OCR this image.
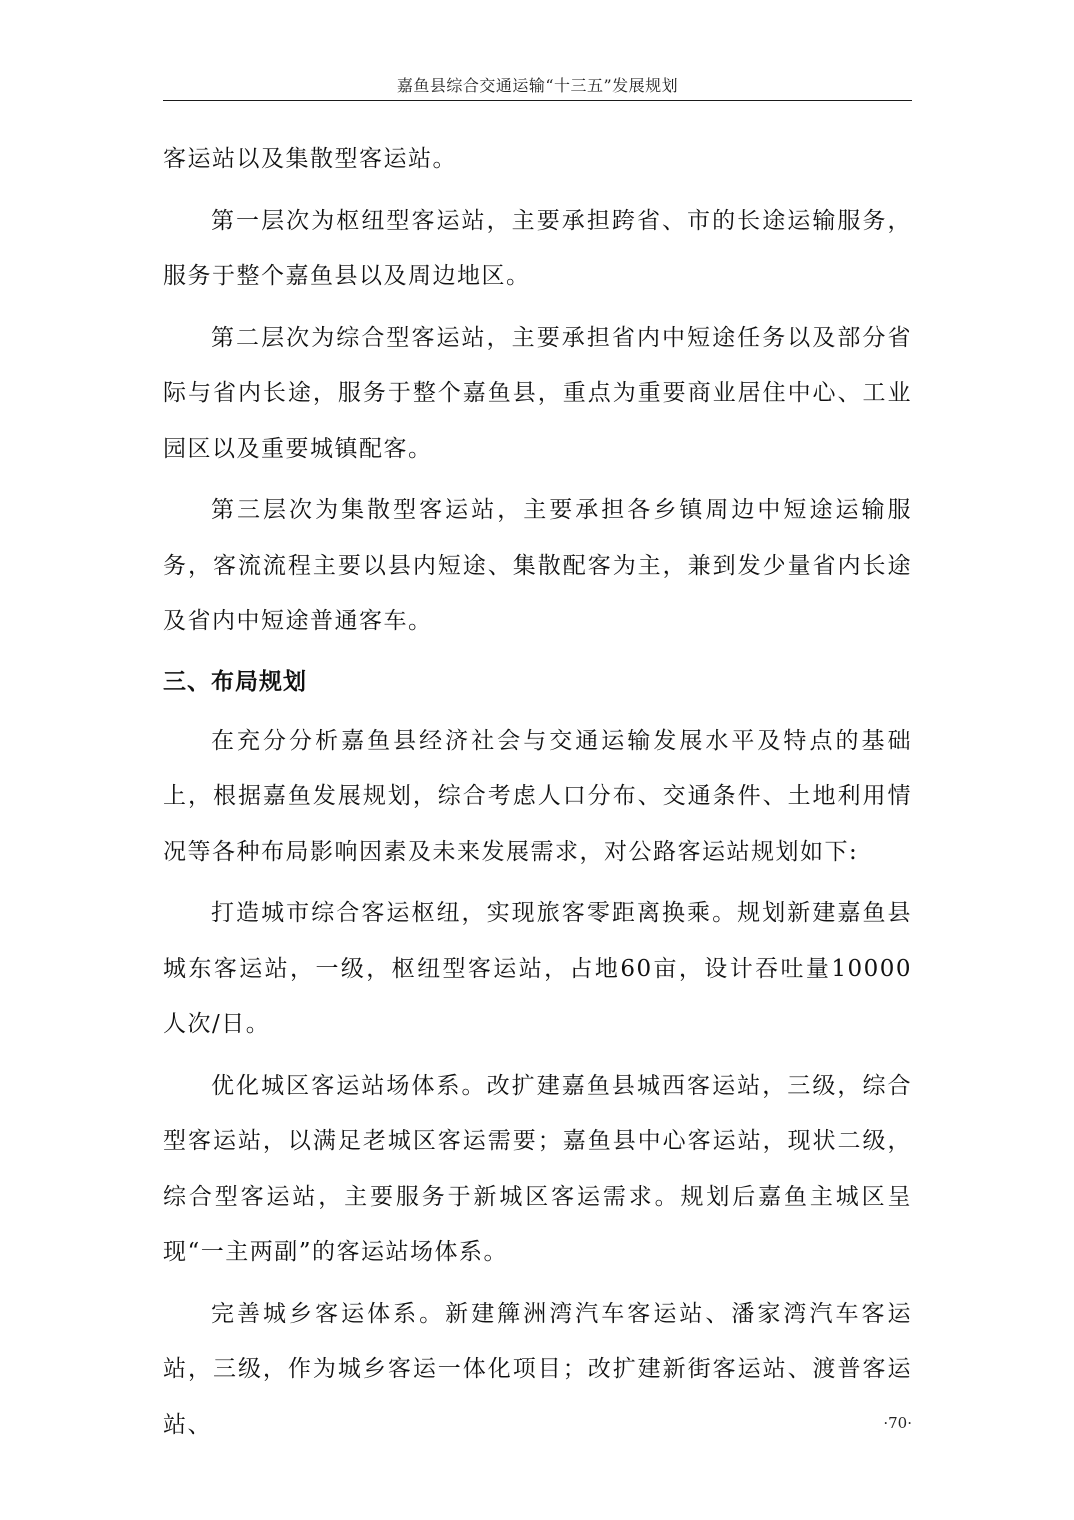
嘉鱼县综合交通运输“十三五”发展规划

客运站以及集散型客运站。

第一层次为枢纽型客运站，主要承担跨省、市的长途运输服务，服务于整个嘉鱼县以及周边地区。

第二层次为综合型客运站，主要承担省内中短途任务以及部分省际与省内长途，服务于整个嘉鱼县，重点为重要商业居住中心、工业园区以及重要城镇配客。

第三层次为集散型客运站，主要承担各乡镇周边中短途运输服务，客流流程主要以县内短途、集散配客为主，兼到发少量省内长途及省内中短途普通客车。

三、布局规划

在充分分析嘉鱼县经济社会与交通运输发展水平及特点的基础上，根据嘉鱼发展规划，综合考虑人口分布、交通条件、土地利用情况等各种布局影响因素及未来发展需求，对公路客运站规划如下:

打造城市综合客运枢纽，实现旅客零距离换乘。规划新建嘉鱼县城东客运站，一级，枢纽型客运站，占地60亩，设计吞吐量10000人次/日。

优化城区客运站场体系。改扩建嘉鱼县城西客运站，三级，综合型客运站，以满足老城区客运需要；嘉鱼县中心客运站，现状二级，综合型客运站，主要服务于新城区客运需求。规划后嘉鱼主城区呈现“一主两副”的客运站场体系。

完善城乡客运体系。新建簰洲湾汽车客运站、潘家湾汽车客运站，三级，作为城乡客运一体化项目；改扩建新街客运站、渡普客运站、	·70·
